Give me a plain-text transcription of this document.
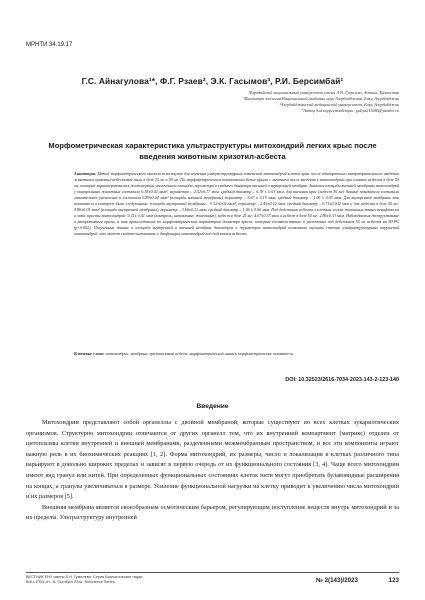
МРНТИ 34.19.17
Г.С. Айнагулова¹*, Ф.Г. Рзаев², Э.К. Гасымов³, Р.И. Берсимбай¹
¹Евразийский национальный университет имени Л.Н. Гумилева, Астана, Казахстан
²Институт зоологии Национальной академии наук Азербайджана, Баку, Азербайджан
³Азербайджанский медицинский университет, Баку, Азербайджан
*Автор для корреспонденции: galiya211086@yandex.ru
Морфометрическая характеристика ультраструктуры митохондрий легких крыс после введения животным хризотил-асбеста
Аннотация. Метод морфометрического анализа используют для изучения ультраструктурных изменений митохондрий клеток крыс после однократного интратрахеального введения животным хризотил-асбестовой пыли в дозе 25 мг и 50 мг. По морфометрическим показателям белые крысы с мечением после введения в митохондриях при влиянии асбеста в дозе 50 мг, которые характеризовались достоверным увеличением площади, периметра и среднего диаметра внешней и внутренней мембран. Значение площади внешней мембраны митохондрий у контрольных животных составило 0.38±0.02 мкм², периметра – 2.52±0.17 мкм, средний диаметр – 0.78 ± 0.03 мкм, для внешних крис (асбест 50 мг) данные показатели составили значительное увеличение и составили 0.89±0.04 мкм² (площадь внешней мембраны), периметр – 3.67 ± 0.19 мкм, средний диаметр – 1.06 ± 0.05 мкм. Для внутренней мембраны эти показатели в контроле были следующими: площадь внутренней мембраны – 0.32±0.02 мкм², периметр – 2.40±0.12 мкм, средний диаметр – 0.71±0.032 мкм и для асбеста в дозе 50 мг: 0.86±0.05 мкм² (площадь внутренней мембраны), периметр – 3.66±0.21 мкм, средний диаметр – 1.06 ± 0.06 мкм. Под действием асбеста в клетках легких животных тканеспецифически в лизис кристы митохондрий: 9.21± 0.41 мкм (контроль, интактные животные), асбест в дозе 25 мг: 4.07±0.33 мкм и асбест в дозе 50 мг: 2.86±0.33 мкм. Наблюдаемые деструктивные и репаративные кризы, а так происходившие по морфометрическим параметрам диаметра крист, который соответственно к увеличению под действием 50 мг асбеста на 90.9% (p<0.002). Полученные данные в площади внутренней и внешней мембран, диаметров и периметров митохондрий позволяют оценить степень ультраструктурных нарушений митохондрий, что может свидетельствовать о дисфункции митохондрий под действием асбеста.
Ключевые слова: митохондрии, мембрана, хризотиловый асбест, морфометрический анализ, морфометрические показатели.
DOI: 10.32523/2616-7034-2023-143-2-123-140
Введение

Митохондрии представляют собой органеллы с двойной мембраной, которые существуют во всех клетках эукариотических организмов. Структурно митохондрии отличаются от других органелл тем, что их внутренний компартмент (матрикс) отделен от цитоплазмы клетки внутренней и внешней мембранами, разделенными межмембранным пространством, и все эти компоненты играют важную роль в их биохимических реакциях [1, 2]. Форма митохондрий, их размеры, число и локализация в клетках различного типа варьируют в довольно широких пределах и зависят в первую очередь от их функционального состояния [3, 4]. Чаще всего митохондрии имеют вид гранул или нитей. При определенных функциональных состояниях клеток нити могут приобретать булавовидные расширения на концах, а гранулы увеличиваться в размере. Усиление функциональной нагрузки на клетку приводит к увеличению числа митохондрий и их размеров [5].

Внешняя мембрана является своеобразным осмотическим барьером, регулирующим поступление веществ внутрь митохондрий и за их пределы. Ультраструктуру внутренней

ВЕСТНИК ЕНУ имени Л.Н. Гумилева. Серия Биологические науки
BULLETIN of L.N. Gumilyov ENU. Bioscience Series	№ 2(143)/2023	123
